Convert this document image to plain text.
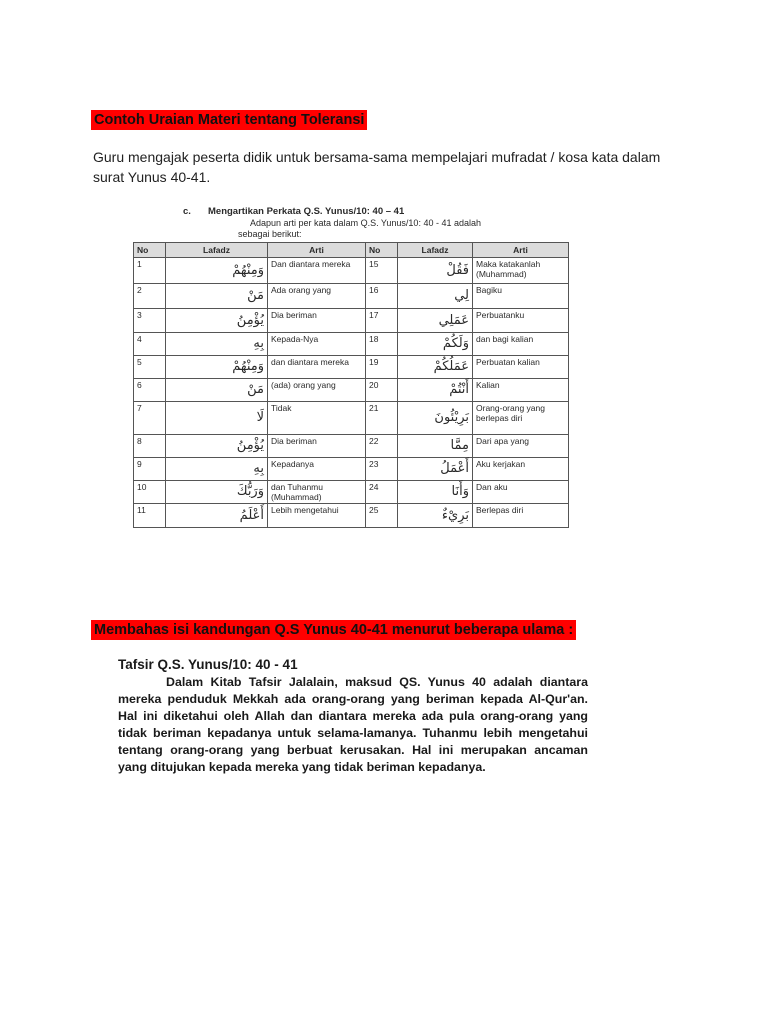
Contoh Uraian Materi tentang Toleransi
Guru mengajak peserta didik untuk bersama-sama mempelajari mufradat / kosa kata dalam surat Yunus 40-41.
c. Mengartikan Perkata Q.S. Yunus/10: 40 – 41
Adapun arti per kata dalam Q.S. Yunus/10: 40 - 41 adalah
sebagai berikut:
No	Lafadz	Arti	No	Lafadz	Arti
1	وَمِنْهُمْ	Dan diantara mereka	15	فَقُلْ	Maka katakanlah (Muhammad)
2	مَنْ	Ada orang yang	16	لِي	Bagiku
3	يُؤْمِنُ	Dia beriman	17	عَمَلِي	Perbuatanku
4	بِهِ	Kepada-Nya	18	وَلَكُمْ	dan bagi kalian
5	وَمِنْهُمْ	dan diantara mereka	19	عَمَلُكُمْ	Perbuatan kalian
6	مَنْ	(ada) orang yang	20	أَنْتُمْ	Kalian
7	لَا	Tidak	21	بَرِيْئُونَ	Orang-orang yang berlepas diri
8	يُؤْمِنُ	Dia beriman	22	مِمَّا	Dari apa yang
9	بِهِ	Kepadanya	23	أَعْمَلُ	Aku kerjakan
10	وَرَبُّكَ	dan Tuhanmu (Muhammad)	24	وَأَنَا	Dan aku
11	أَعْلَمُ	Lebih mengetahui	25	بَرِيْءٌ	Berlepas diri
Membahas isi kandungan Q.S Yunus 40-41 menurut beberapa ulama :
Tafsir Q.S. Yunus/10: 40 - 41
Dalam Kitab Tafsir Jalalain, maksud QS. Yunus 40 adalah diantara mereka penduduk Mekkah ada orang-orang yang beriman kepada Al-Qur'an. Hal ini diketahui oleh Allah dan diantara mereka ada pula orang-orang yang tidak beriman kepadanya untuk selama-lamanya. Tuhanmu lebih mengetahui tentang orang-orang yang berbuat kerusakan. Hal ini merupakan ancaman yang ditujukan kepada mereka yang tidak beriman kepadanya.
